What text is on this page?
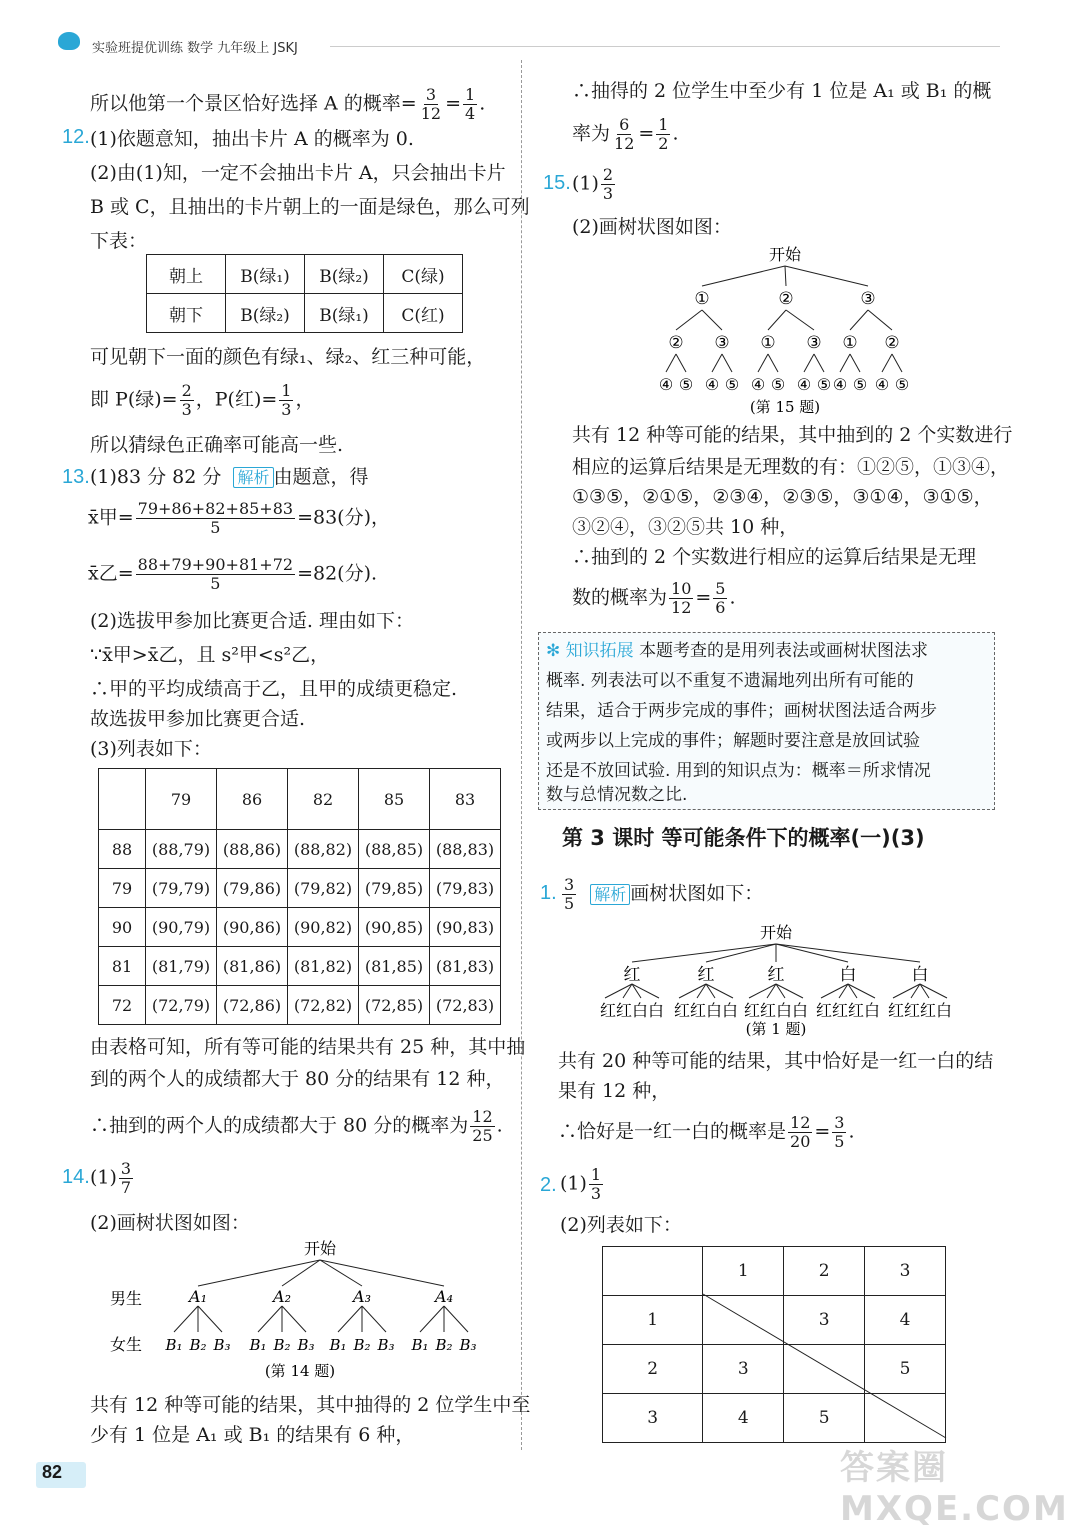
实验班提优训练 数学 九年级上 JSKJ
所以他第一个景区恰好选择 A 的概率= $\frac{3}{12} = \frac{1}{4}$ .
12. (1)依题意知，抽出卡片 A 的概率为 0.
(2)由(1)知，一定不会抽出卡片 A，只会抽出卡片
B 或 C，且抽出的卡片朝上的一面是绿色，那么可列
下表：
朝上	B(绿₁)	B(绿₂)	C(绿)
朝下	B(绿₂)	B(绿₁)	C(红)
可见朝下一面的颜色有绿₁、绿₂、红三种可能，
即 P(绿)= $\frac{2}{3}$ ，P(红)= $\frac{1}{3}$ ，
所以猜绿色正确率可能高一些.
13. (1)83 分 82 分 解析 由题意，得
x̄甲= $\frac{79+86+82+85+83}{5} =83$(分)，
x̄乙= $\frac{88+79+90+81+72}{5} =82$(分).
(2)选拔甲参加比赛更合适. 理由如下：
∵x̄甲>x̄乙，且 s²甲<s²乙，
∴甲的平均成绩高于乙，且甲的成绩更稳定.
故选拔甲参加比赛更合适.
(3)列表如下：
	79	86	82	85	83
88	(88,79)	(88,86)	(88,82)	(88,85)	(88,83)
79	(79,79)	(79,86)	(79,82)	(79,85)	(79,83)
90	(90,79)	(90,86)	(90,82)	(90,85)	(90,83)
81	(81,79)	(81,86)	(81,82)	(81,85)	(81,83)
72	(72,79)	(72,86)	(72,82)	(72,85)	(72,83)
由表格可知，所有等可能的结果共有 25 种，其中抽
到的两个人的成绩都大于 80 分的结果有 12 种，
∴抽到的两个人的成绩都大于 80 分的概率为 $\frac{12}{25}$ .
14. $(1) \frac{3}{7}$
(2)画树状图如图：
开始
男生
女生
A₁	A₂	A₃	A₄
B₁ B₂ B₃ B₁ B₂ B₃ B₁ B₂ B₃ B₁ B₂ B₃
(第 14 题)
共有 12 种等可能的结果，其中抽得的 2 位学生中至
少有 1 位是 A₁ 或 B₁ 的结果有 6 种，
∴抽得的 2 位学生中至少有 1 位是 A₁ 或 B₁ 的概
率为 $\frac{6}{12} = \frac{1}{2}$ .
15. $(1) \frac{2}{3}$
(2)画树状图如图：
开始
①	②	③
②
④ ⑤
③
④ ⑤
①
④ ⑤
③
④ ⑤
①
④ ⑤
②
④ ⑤
(第 15 题)
共有 12 种等可能的结果，其中抽到的 2 个实数进行
相应的运算后结果是无理数的有：①②⑤，①③④，
①③⑤，②①⑤，②③④，②③⑤，③①④，③①⑤，
③②④，③②⑤共 10 种，
∴抽到的 2 个实数进行相应的运算后结果是无理
数的概率为 $\frac{10}{12} = \frac{5}{6}$ .
✻ 知识拓展 本题考查的是用列表法或画树状图法求
概率. 列表法可以不重复不遗漏地列出所有可能的
结果，适合于两步完成的事件；画树状图法适合两步
或两步以上完成的事件；解题时要注意是放回试验
还是不放回试验. 用到的知识点为：概率＝所求情况
数与总情况数之比.
第 3 课时 等可能条件下的概率(一)(3)
1. $\frac{3}{5}$ 解析 画树状图如下：
开始
红
红红白白
红
红红白白
红
红红白白
白
红红红白
白
红红红白
(第 1 题)
共有 20 种等可能的结果，其中恰好是一红一白的结
果有 12 种，
∴恰好是一红一白的概率是 $\frac{12}{20} = \frac{3}{5}$ .
2. $(1) \frac{1}{3}$
(2)列表如下：
	1	2	3
1		3	4
2	3		5
3	4	5	
82	答案圈 MXQE.COM
